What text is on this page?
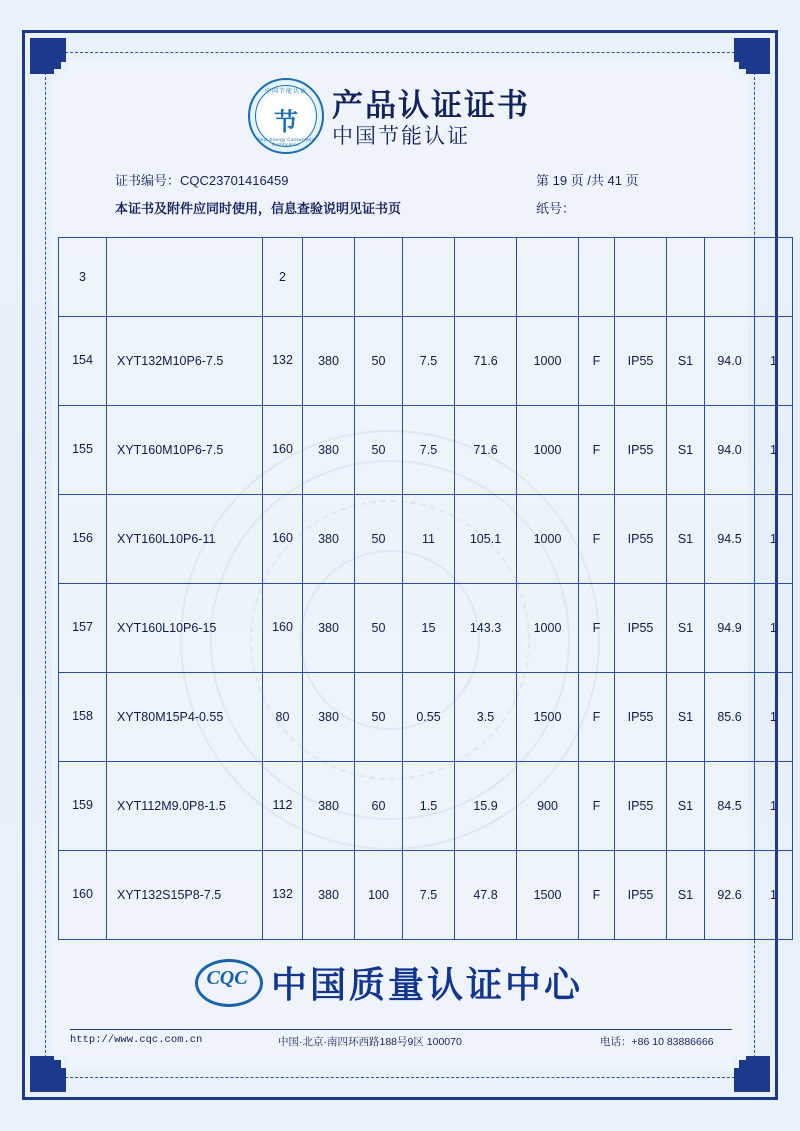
中国节能认证
节
China Energy Conservation Certification
产品认证证书
中国节能认证
证书编号：CQC23701416459	第 19 页 /共 41 页
本证书及附件应同时使用，信息查验说明见证书页	纸号：
3		2										
154	XYT132M10P6-7.5	132	380	50	7.5	71.6	1000	F	IP55	S1	94.0	1
155	XYT160M10P6-7.5	160	380	50	7.5	71.6	1000	F	IP55	S1	94.0	1
156	XYT160L10P6-11	160	380	50	11	105.1	1000	F	IP55	S1	94.5	1
157	XYT160L10P6-15	160	380	50	15	143.3	1000	F	IP55	S1	94.9	1
158	XYT80M15P4-0.55	80	380	50	0.55	3.5	1500	F	IP55	S1	85.6	1
159	XYT112M9.0P8-1.5	112	380	60	1.5	15.9	900	F	IP55	S1	84.5	1
160	XYT132S15P8-7.5	132	380	100	7.5	47.8	1500	F	IP55	S1	92.6	1
CQC 中国质量认证中心
http://www.cqc.com.cn	中国·北京·南四环西路188号9区 100070	电话：+86 10 83886666
